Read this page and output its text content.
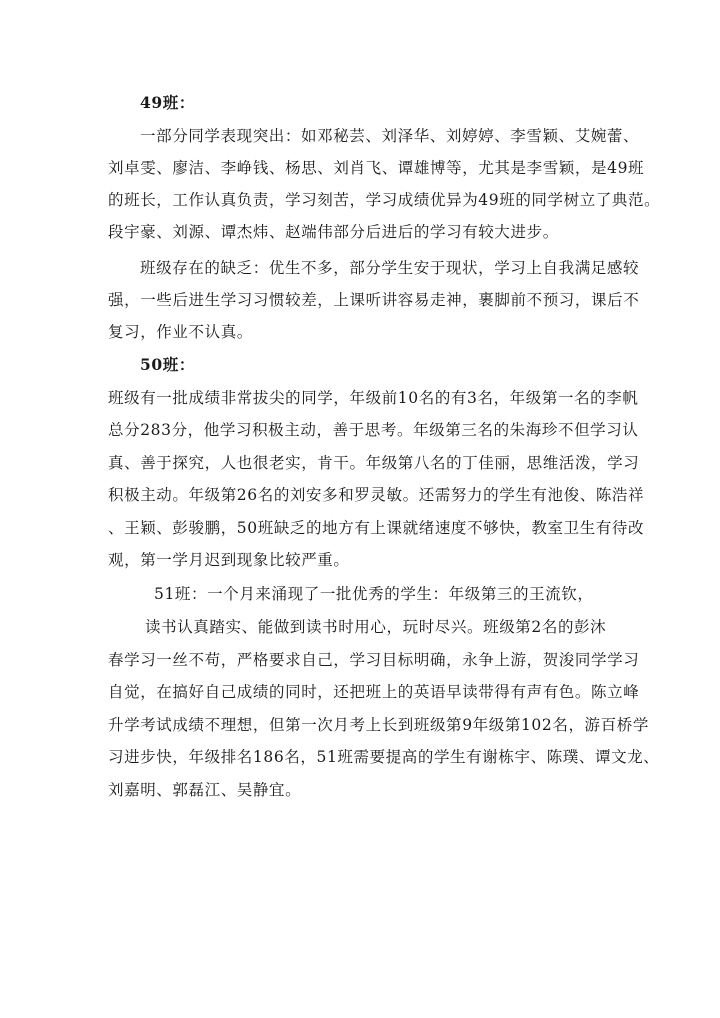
49班：
一部分同学表现突出：如邓秘芸、刘泽华、刘婷婷、李雪颖、艾婉蕾、
刘卓雯、廖洁、李峥钱、杨思、刘肖飞、谭雄博等，尤其是李雪颖，是49班
的班长，工作认真负责，学习刻苦，学习成绩优异为49班的同学树立了典范。
段宇豪、刘源、谭杰炜、赵端伟部分后进后的学习有较大进步。
班级存在的缺乏：优生不多，部分学生安于现状，学习上自我满足感较
强，一些后进生学习习惯较差，上课听讲容易走神，裹脚前不预习，课后不
复习，作业不认真。
50班：
班级有一批成绩非常拔尖的同学，年级前10名的有3名，年级第一名的李帆
总分283分，他学习积极主动，善于思考。年级第三名的朱海珍不但学习认
真、善于探究，人也很老实，肯干。年级第八名的丁佳丽，思维活泼，学习
积极主动。年级第26名的刘安多和罗灵敏。还需努力的学生有池俊、陈浩祥
、王颖、彭骏鹏，50班缺乏的地方有上课就绪速度不够快，教室卫生有待改
观，第一学月迟到现象比较严重。
51班：一个月来涌现了一批优秀的学生：年级第三的王流钦，
读书认真踏实、能做到读书时用心，玩时尽兴。班级第2名的彭沐
春学习一丝不苟，严格要求自己，学习目标明确，永争上游，贺浚同学学习
自觉，在搞好自己成绩的同时，还把班上的英语早读带得有声有色。陈立峰
升学考试成绩不理想，但第一次月考上长到班级第9年级第102名，游百桥学
习进步快，年级排名186名，51班需要提高的学生有谢栋宇、陈璞、谭文龙、
刘嘉明、郭磊江、吴静宜。
